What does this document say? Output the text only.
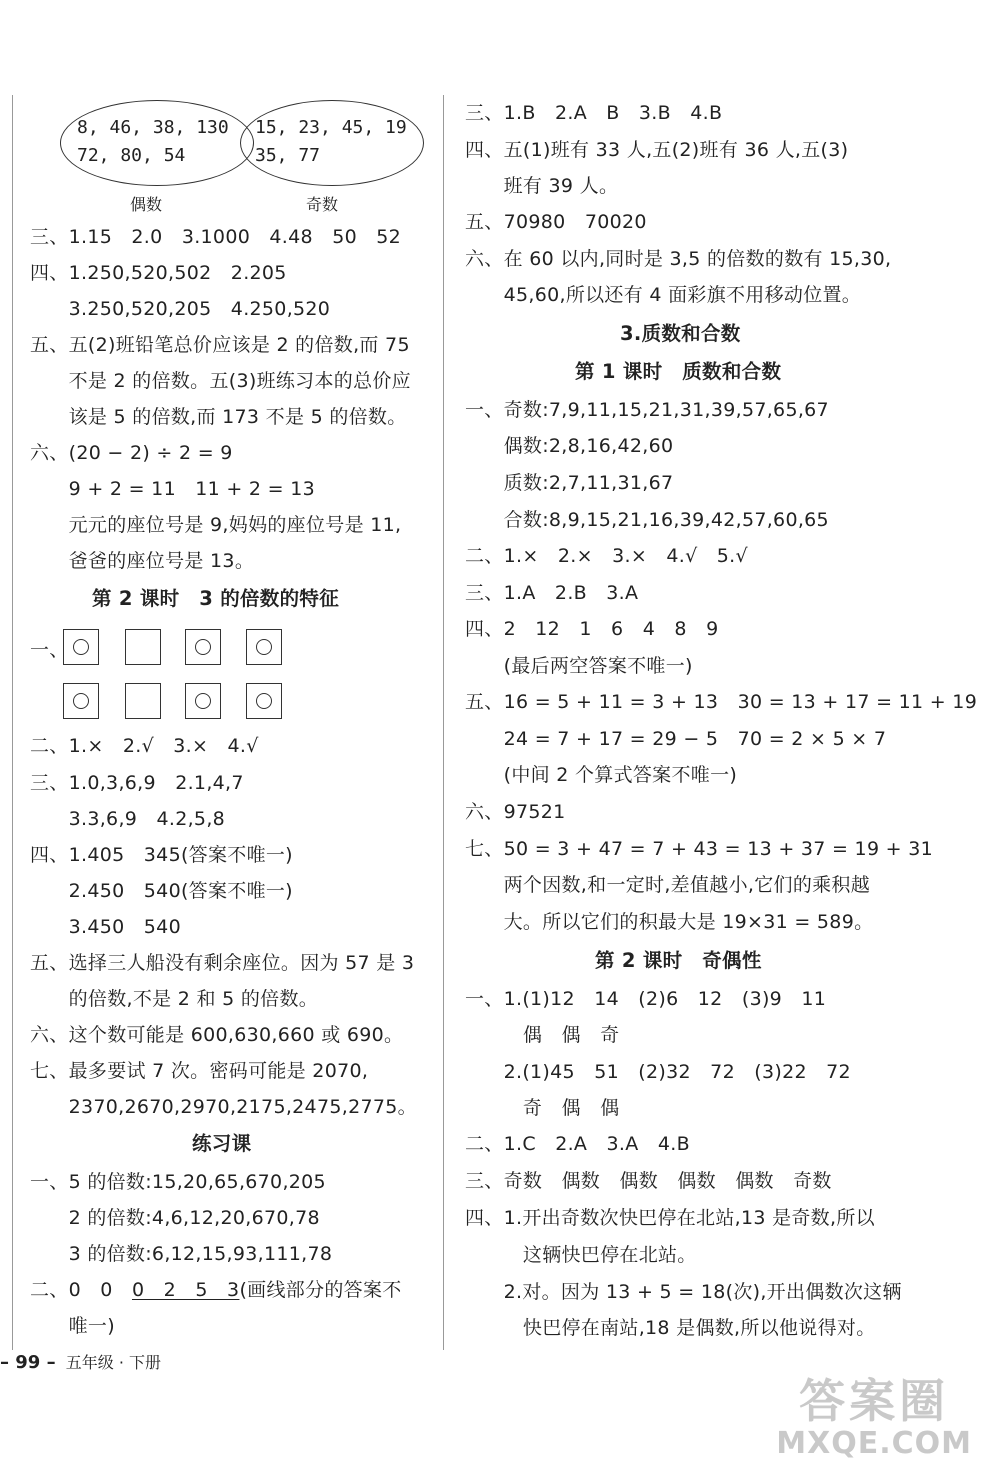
8, 46, 38, 130
72, 80, 54
偶数
15, 23, 45, 19
35, 77
奇数
三、1.15　2.0　3.1000　4.48　50　52
四、1.250,520,502　2.205
　　3.250,520,205　4.250,520
五、五(2)班铅笔总价应该是 2 的倍数,而 75
　　不是 2 的倍数。五(3)班练习本的总价应
　　该是 5 的倍数,而 173 不是 5 的倍数。
六、(20 − 2) ÷ 2 = 9
　　9 + 2 = 11　11 + 2 = 13
　　元元的座位号是 9,妈妈的座位号是 11,
　　爸爸的座位号是 13。
第 2 课时　3 的倍数的特征
一、
二、1.×　2.√　3.×　4.√
三、1.0,3,6,9　2.1,4,7
　　3.3,6,9　4.2,5,8
四、1.405　345(答案不唯一)
　　2.450　540(答案不唯一)
　　3.450　540
五、选择三人船没有剩余座位。因为 57 是 3
　　的倍数,不是 2 和 5 的倍数。
六、这个数可能是 600,630,660 或 690。
七、最多要试 7 次。密码可能是 2070,
　　2370,2670,2970,2175,2475,2775。
练习课
一、5 的倍数:15,20,65,670,205
　　2 的倍数:4,6,12,20,670,78
　　3 的倍数:6,12,15,93,111,78
二、0　0　0　2　5　3(画线部分的答案不
　　唯一)
– 99 – 五年级 · 下册
三、1.B　2.A　B　3.B　4.B
四、五(1)班有 33 人,五(2)班有 36 人,五(3)
　　班有 39 人。
五、70980　70020
六、在 60 以内,同时是 3,5 的倍数的数有 15,30,
　　45,60,所以还有 4 面彩旗不用移动位置。
3.质数和合数
第 1 课时　质数和合数
一、奇数:7,9,11,15,21,31,39,57,65,67
　　偶数:2,8,16,42,60
　　质数:2,7,11,31,67
　　合数:8,9,15,21,16,39,42,57,60,65
二、1.×　2.×　3.×　4.√　5.√
三、1.A　2.B　3.A
四、2　12　1　6　4　8　9
　　(最后两空答案不唯一)
五、16 = 5 + 11 = 3 + 13　30 = 13 + 17 = 11 + 19
　　24 = 7 + 17 = 29 − 5　70 = 2 × 5 × 7
　　(中间 2 个算式答案不唯一)
六、97521
七、50 = 3 + 47 = 7 + 43 = 13 + 37 = 19 + 31
　　两个因数,和一定时,差值越小,它们的乘积越
　　大。所以它们的积最大是 19×31 = 589。
第 2 课时　奇偶性
一、1.(1)12　14　(2)6　12　(3)9　11
　　　偶　偶　奇
　　2.(1)45　51　(2)32　72　(3)22　72
　　　奇　偶　偶
二、1.C　2.A　3.A　4.B
三、奇数　偶数　偶数　偶数　偶数　奇数
四、1.开出奇数次快巴停在北站,13 是奇数,所以
　　　这辆快巴停在北站。
　　2.对。因为 13 + 5 = 18(次),开出偶数次这辆
　　　快巴停在南站,18 是偶数,所以他说得对。
答案圈
MXQE.COM
